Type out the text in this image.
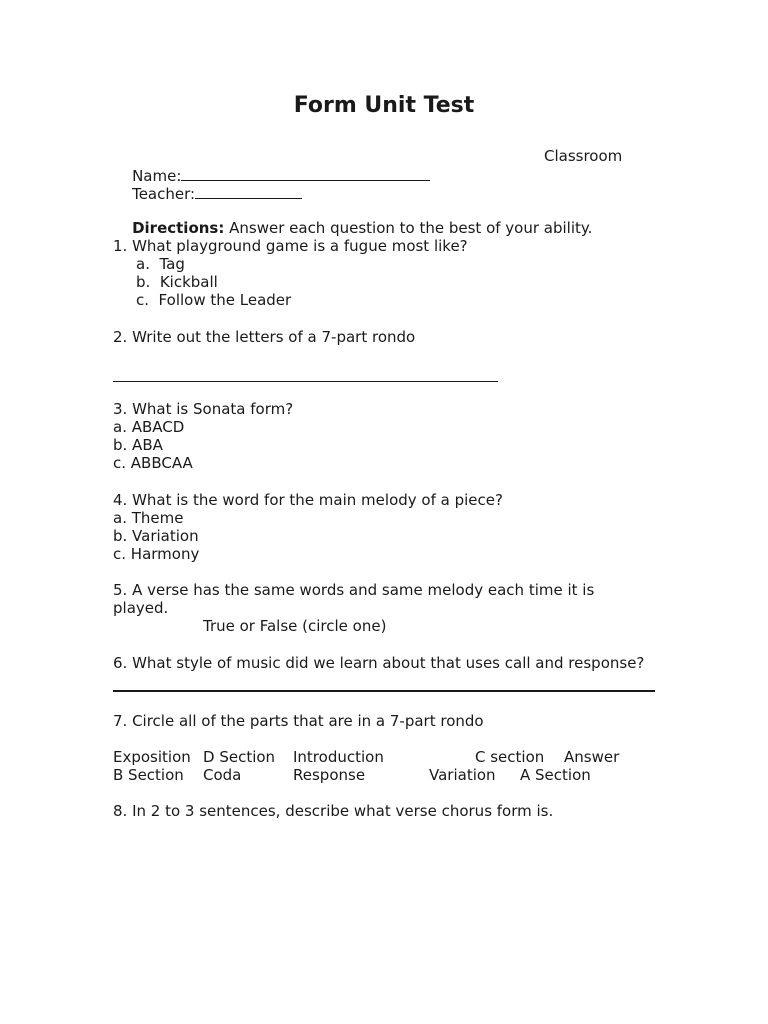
Form Unit Test

Name:

Classroom

Teacher:

Directions: Answer each question to the best of your ability.

1. What playground game is a fugue most like?
a.  Tag
b.  Kickball
c.  Follow the Leader
2. Write out the letters of a 7-part rondo
3. What is Sonata form?
a. ABACD
b. ABA
c. ABBCAA
4. What is the word for the main melody of a piece?
a. Theme
b. Variation
c. Harmony
5. A verse has the same words and same melody each time it is
played.
True or False (circle one)
6. What style of music did we learn about that uses call and response?
7. Circle all of the parts that are in a 7-part rondo
Exposition D Section Introduction	C section Answer
B Section Coda	Response	Variation A Section
8. In 2 to 3 sentences, describe what verse chorus form is.
